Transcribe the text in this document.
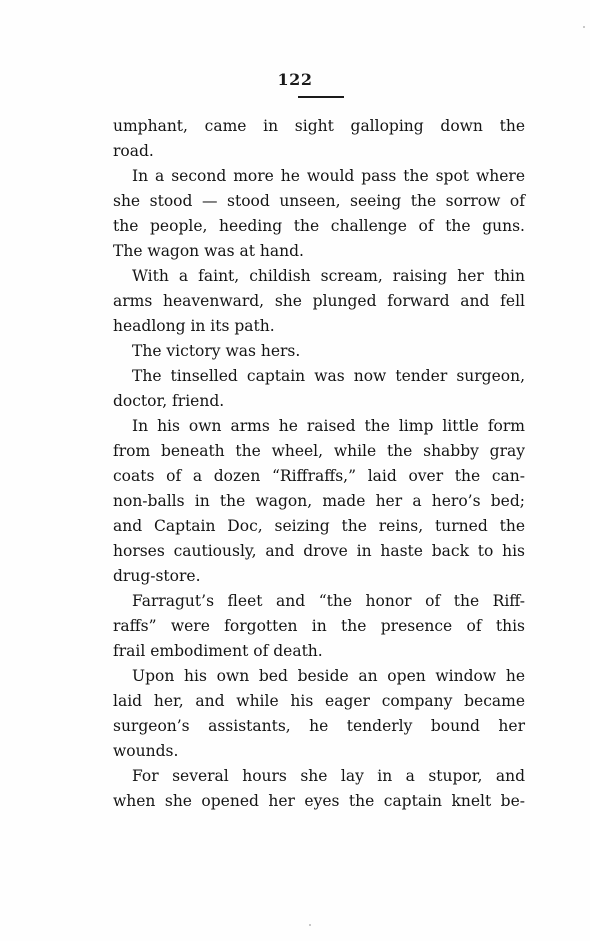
122
umphant, came in sight galloping down the
road.
In a second more he would pass the spot where
she stood — stood unseen, seeing the sorrow of
the people, heeding the challenge of the guns.
The wagon was at hand.
With a faint, childish scream, raising her thin
arms heavenward, she plunged forward and fell
headlong in its path.
The victory was hers.
The tinselled captain was now tender surgeon,
doctor, friend.
In his own arms he raised the limp little form
from beneath the wheel, while the shabby gray
coats of a dozen “Riffraffs,” laid over the can-
non-balls in the wagon, made her a hero’s bed;
and Captain Doc, seizing the reins, turned the
horses cautiously, and drove in haste back to his
drug-store.
Farragut’s fleet and “the honor of the Riff-
raffs” were forgotten in the presence of this
frail embodiment of death.
Upon his own bed beside an open window he
laid her, and while his eager company became
surgeon’s assistants, he tenderly bound her
wounds.
For several hours she lay in a stupor, and
when she opened her eyes the captain knelt be-
